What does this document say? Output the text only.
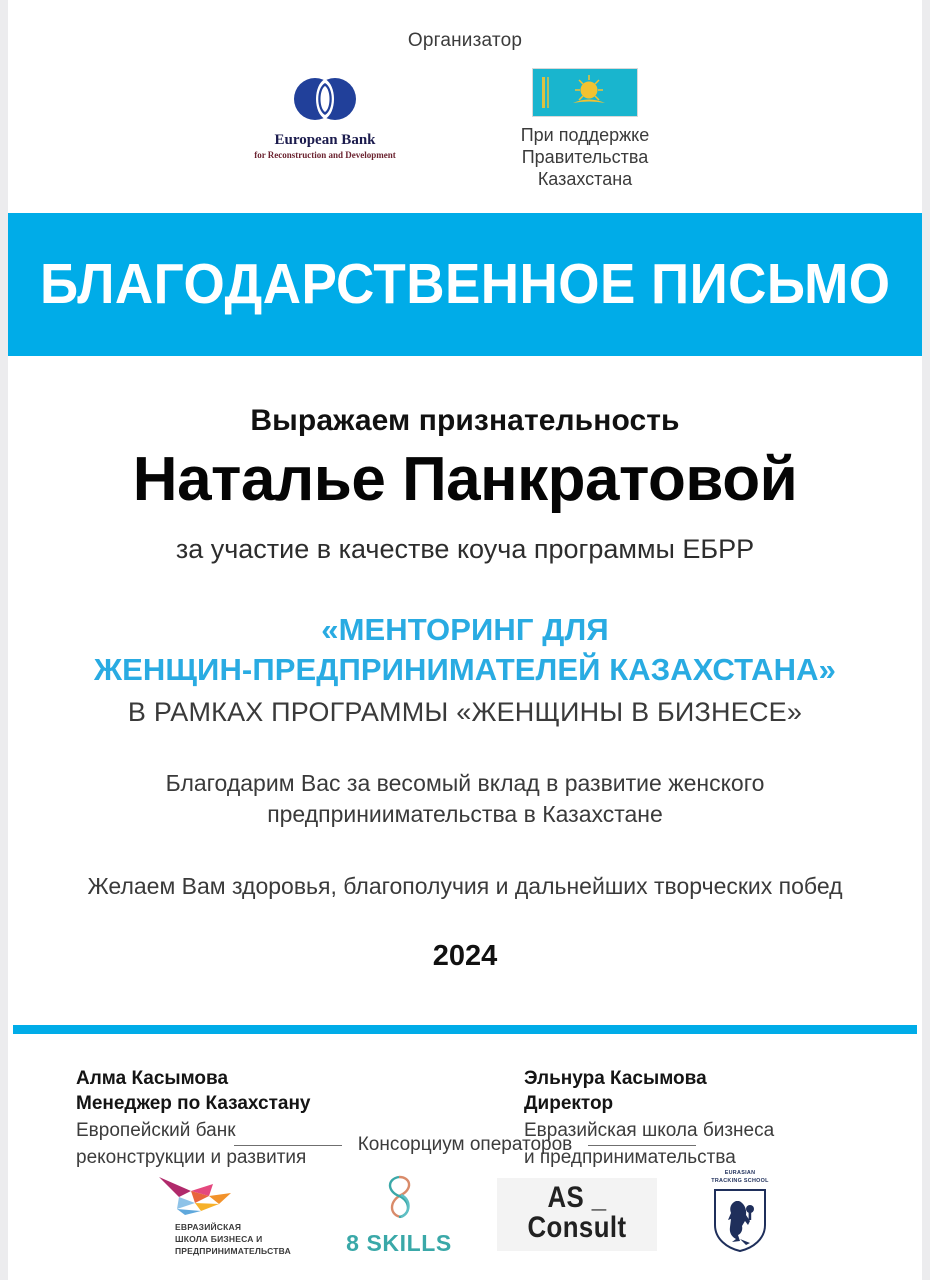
Организатор
European Bank
for Reconstruction and Development
При поддержке
Правительства Казахстана
БЛАГОДАРСТВЕННОЕ ПИСЬМО
Выражаем признательность
Наталье Панкратовой
за участие в качестве коуча программы ЕБРР
«МЕНТОРИНГ ДЛЯ
ЖЕНЩИН-ПРЕДПРИНИМАТЕЛЕЙ КАЗАХСТАНА»
В РАМКАХ ПРОГРАММЫ «ЖЕНЩИНЫ В БИЗНЕСЕ»
Благодарим Вас за весомый вклад в развитие женского
предприниимательства в Казахстане
Желаем Вам здоровья, благополучия и дальнейших творческих побед
2024
Алма Касымова
Менеджер по Казахстану
Европейский банк
реконструкции и развития
Эльнура Касымова
Директор
Евразийская школа бизнеса
и предпринимательства
Консорциум операторов
ЕВРАЗИЙСКАЯ
ШКОЛА БИЗНЕСА И
ПРЕДПРИНИМАТЕЛЬСТВА 8 SKILLS
AS _ Consult
EURASIAN
TRACKING SCHOOL
